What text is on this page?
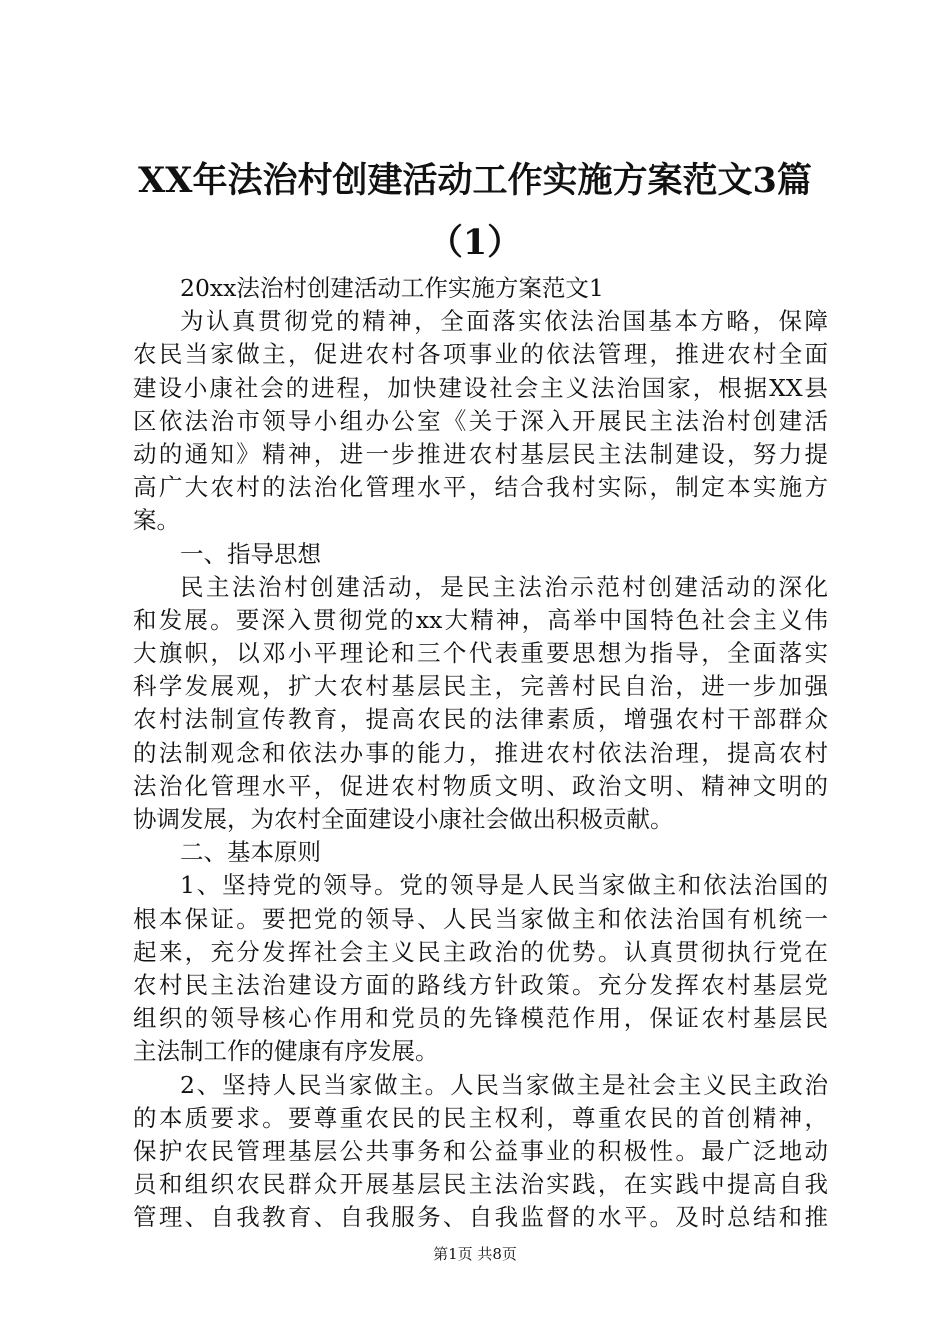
XX年法治村创建活动工作实施方案范文3篇
（1）
20xx法治村创建活动工作实施方案范文1
为认真贯彻党的精神，全面落实依法治国基本方略，保障
农民当家做主，促进农村各项事业的依法管理，推进农村全面
建设小康社会的进程，加快建设社会主义法治国家，根据XX县
区依法治市领导小组办公室《关于深入开展民主法治村创建活
动的通知》精神，进一步推进农村基层民主法制建设，努力提
高广大农村的法治化管理水平，结合我村实际，制定本实施方
案。
一、指导思想
民主法治村创建活动，是民主法治示范村创建活动的深化
和发展。要深入贯彻党的xx大精神，高举中国特色社会主义伟
大旗帜，以邓小平理论和三个代表重要思想为指导，全面落实
科学发展观，扩大农村基层民主，完善村民自治，进一步加强
农村法制宣传教育，提高农民的法律素质，增强农村干部群众
的法制观念和依法办事的能力，推进农村依法治理，提高农村
法治化管理水平，促进农村物质文明、政治文明、精神文明的
协调发展，为农村全面建设小康社会做出积极贡献。
二、基本原则
1、坚持党的领导。党的领导是人民当家做主和依法治国的
根本保证。要把党的领导、人民当家做主和依法治国有机统一
起来，充分发挥社会主义民主政治的优势。认真贯彻执行党在
农村民主法治建设方面的路线方针政策。充分发挥农村基层党
组织的领导核心作用和党员的先锋模范作用，保证农村基层民
主法制工作的健康有序发展。
2、坚持人民当家做主。人民当家做主是社会主义民主政治
的本质要求。要尊重农民的民主权利，尊重农民的首创精神，
保护农民管理基层公共事务和公益事业的积极性。最广泛地动
员和组织农民群众开展基层民主法治实践，在实践中提高自我
管理、自我教育、自我服务、自我监督的水平。及时总结和推
第1页 共8页
